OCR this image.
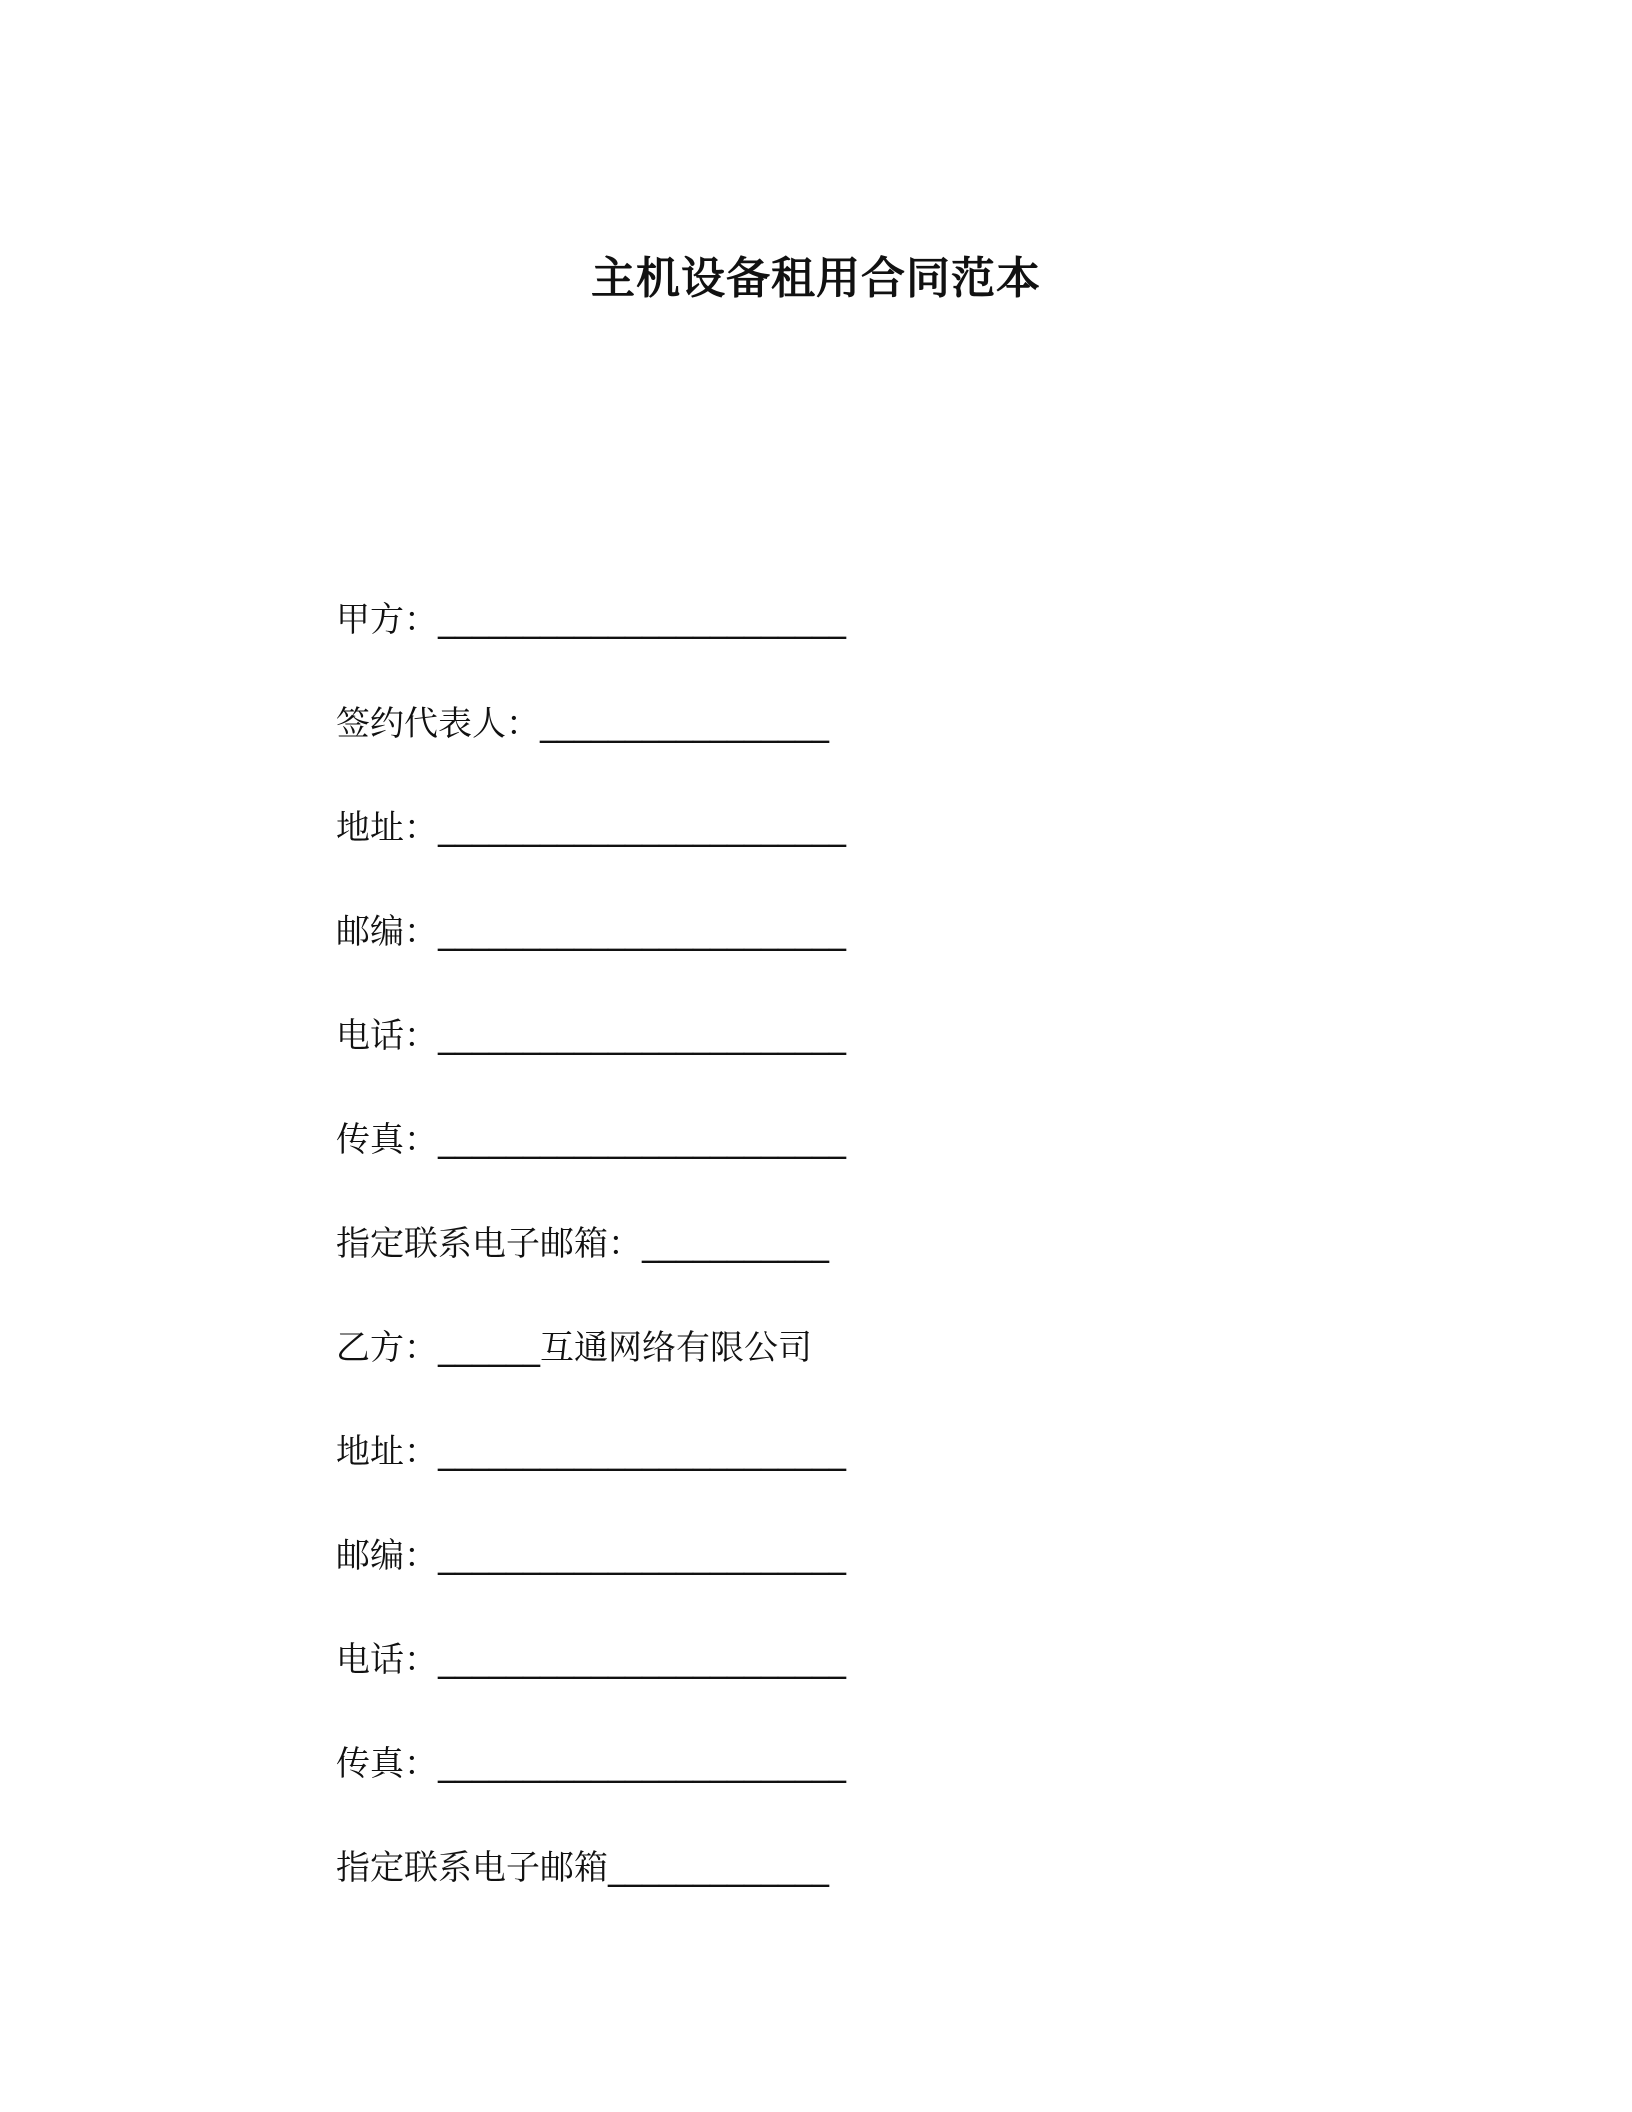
主机设备租用合同范本
甲方： ________________________
签约代表人： _________________
地址： ________________________
邮编： ________________________
电话： ________________________
传真： ________________________
指定联系电子邮箱： ___________
乙方： ______互通网络有限公司
地址： ________________________
邮编： ________________________
电话： ________________________
传真： ________________________
指定联系电子邮箱 _____________
